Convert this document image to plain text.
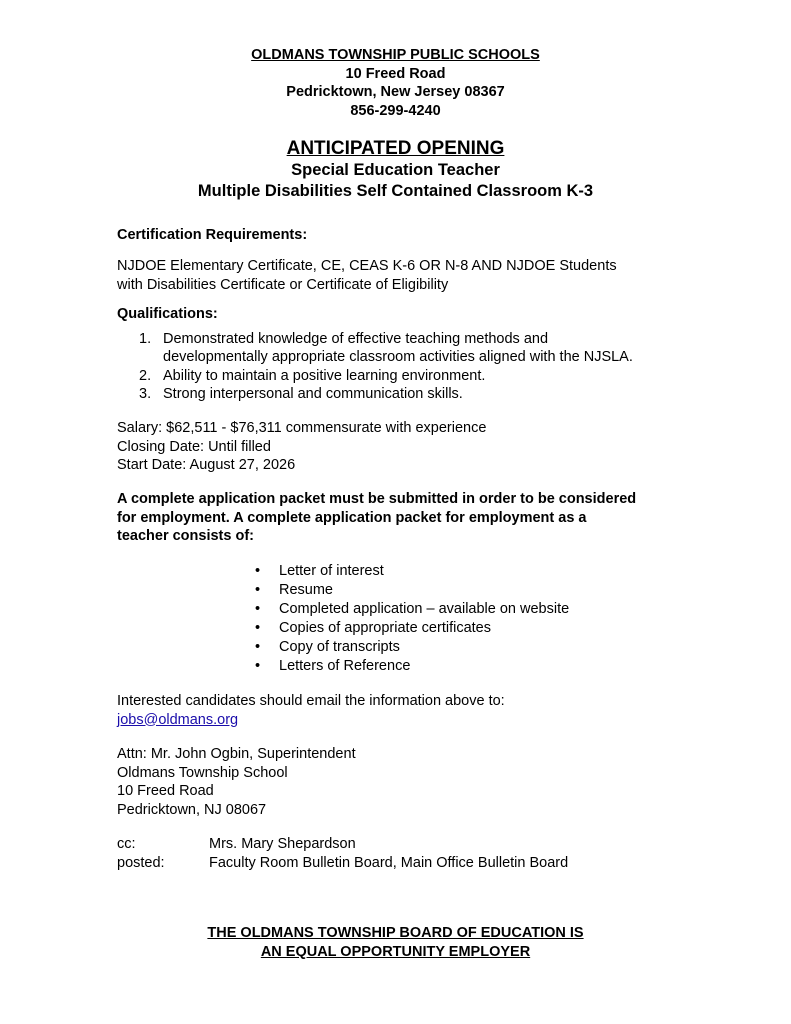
OLDMANS TOWNSHIP PUBLIC SCHOOLS
10 Freed Road
Pedricktown, New Jersey 08367
856-299-4240
ANTICIPATED OPENING
Special Education Teacher
Multiple Disabilities Self Contained Classroom K-3
Certification Requirements:
NJDOE Elementary Certificate, CE, CEAS K-6 OR N-8 AND NJDOE Students
with Disabilities Certificate or Certificate of Eligibility
Qualifications:
1. Demonstrated knowledge of effective teaching methods and
developmentally appropriate classroom activities aligned with the NJSLA.
2. Ability to maintain a positive learning environment.
3. Strong interpersonal and communication skills.
Salary: $62,511 - $76,311 commensurate with experience
Closing Date: Until filled
Start Date: August 27, 2026
A complete application packet must be submitted in order to be considered
for employment. A complete application packet for employment as a
teacher consists of:
• Letter of interest
• Resume
• Completed application – available on website
• Copies of appropriate certificates
• Copy of transcripts
• Letters of Reference
Interested candidates should email the information above to:
jobs@oldmans.org
Attn: Mr. John Ogbin, Superintendent
Oldmans Township School
10 Freed Road
Pedricktown, NJ 08067
cc:	Mrs. Mary Shepardson
posted:	Faculty Room Bulletin Board, Main Office Bulletin Board
THE OLDMANS TOWNSHIP BOARD OF EDUCATION IS
AN EQUAL OPPORTUNITY EMPLOYER
